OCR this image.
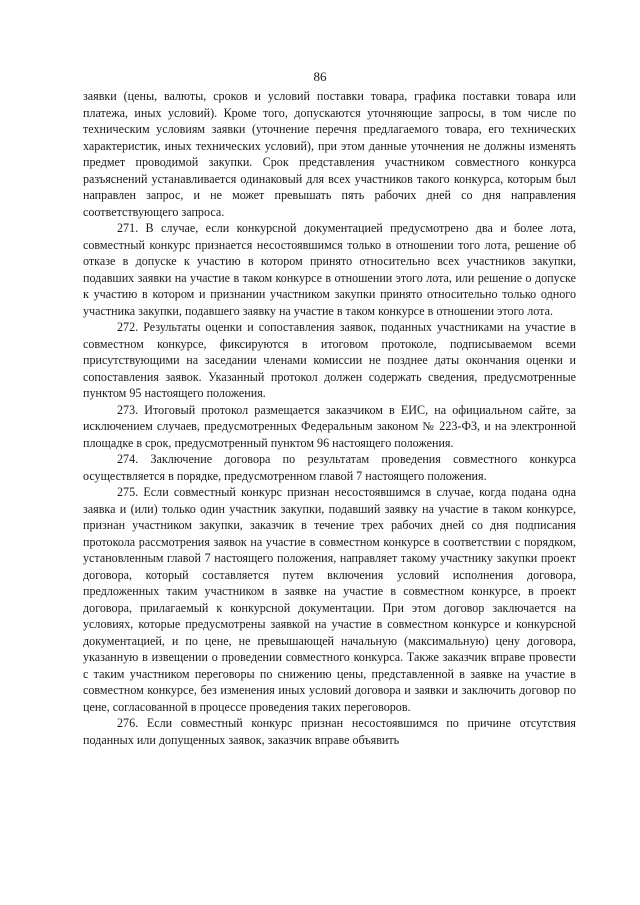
86

заявки (цены, валюты, сроков и условий поставки товара, графика поставки товара или платежа, иных условий). Кроме того, допускаются уточняющие запросы, в том числе по техническим условиям заявки (уточнение перечня предлагаемого товара, его технических характеристик, иных технических условий), при этом данные уточнения не должны изменять предмет проводимой закупки. Срок представления участником совместного конкурса разъяснений устанавливается одинаковый для всех участников такого конкурса, которым был направлен запрос, и не может превышать пять рабочих дней со дня направления соответствующего запроса.

271. В случае, если конкурсной документацией предусмотрено два и более лота, совместный конкурс признается несостоявшимся только в отношении того лота, решение об отказе в допуске к участию в котором принято относительно всех участников закупки, подавших заявки на участие в таком конкурсе в отношении этого лота, или решение о допуске к участию в котором и признании участником закупки принято относительно только одного участника закупки, подавшего заявку на участие в таком конкурсе в отношении этого лота.

272. Результаты оценки и сопоставления заявок, поданных участниками на участие в совместном конкурсе, фиксируются в итоговом протоколе, подписываемом всеми присутствующими на заседании членами комиссии не позднее даты окончания оценки и сопоставления заявок. Указанный протокол должен содержать сведения, предусмотренные пунктом 95 настоящего положения.

273. Итоговый протокол размещается заказчиком в ЕИС, на официальном сайте, за исключением случаев, предусмотренных Федеральным законом № 223-ФЗ, и на электронной площадке в срок, предусмотренный пунктом 96 настоящего положения.

274. Заключение договора по результатам проведения совместного конкурса осуществляется в порядке, предусмотренном главой 7 настоящего положения.

275. Если совместный конкурс признан несостоявшимся в случае, когда подана одна заявка и (или) только один участник закупки, подавший заявку на участие в таком конкурсе, признан участником закупки, заказчик в течение трех рабочих дней со дня подписания протокола рассмотрения заявок на участие в совместном конкурсе в соответствии с порядком, установленным главой 7 настоящего положения, направляет такому участнику закупки проект договора, который составляется путем включения условий исполнения договора, предложенных таким участником в заявке на участие в совместном конкурсе, в проект договора, прилагаемый к конкурсной документации. При этом договор заключается на условиях, которые предусмотрены заявкой на участие в совместном конкурсе и конкурсной документацией, и по цене, не превышающей начальную (максимальную) цену договора, указанную в извещении о проведении совместного конкурса. Также заказчик вправе провести с таким участником переговоры по снижению цены, представленной в заявке на участие в совместном конкурсе, без изменения иных условий договора и заявки и заключить договор по цене, согласованной в процессе проведения таких переговоров.

276. Если совместный конкурс признан несостоявшимся по причине отсутствия поданных или допущенных заявок, заказчик вправе объявить
